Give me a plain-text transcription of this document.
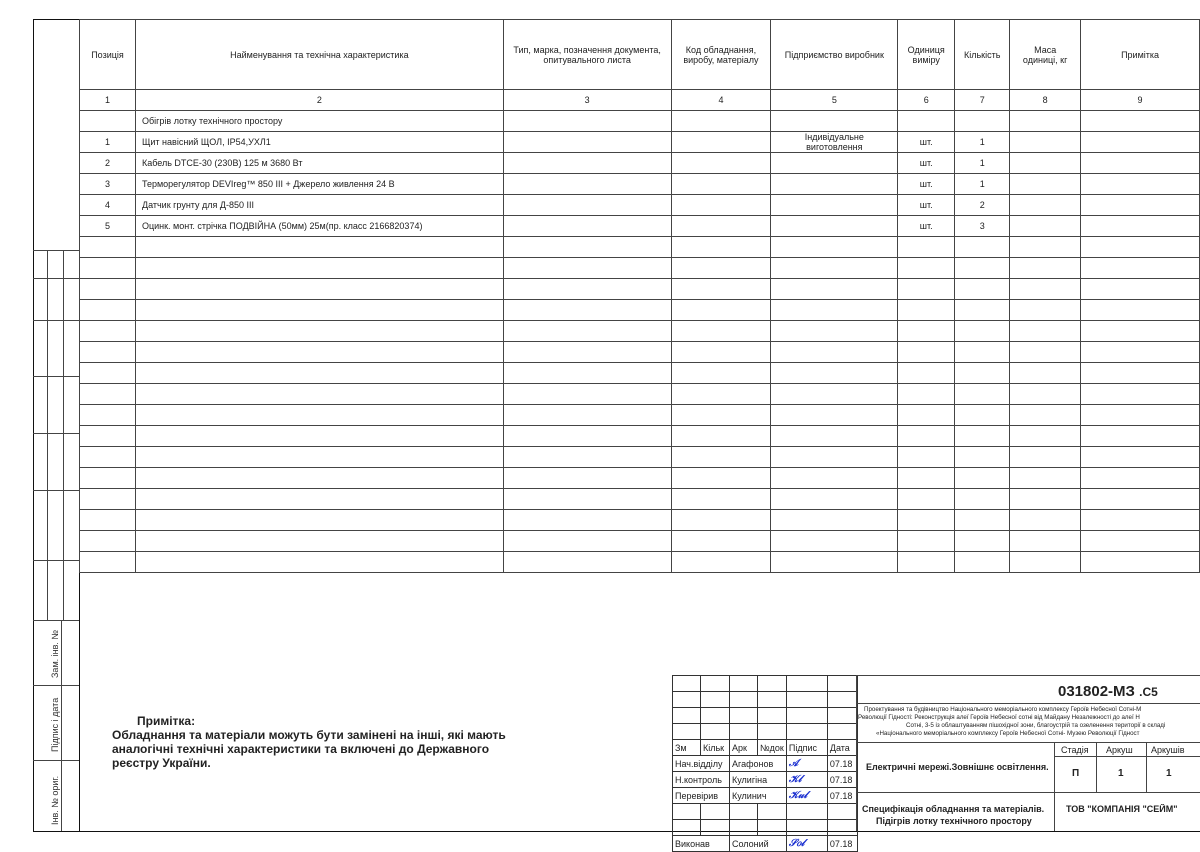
Зам. інв. №
Підпис і дата
Інв. № ориг.
Позиція	Найменування та технічна характеристика	Тип, марка, позначення документа, опитувального листа	Код обладнання, виробу, матеріалу	Підприємство виробник	Одиниця виміру	Кількість	Маса одиниці, кг	Примітка
1	2	3	4	5	6	7	8	9
	Обігрів лотку технічного простору							
1	Щит навісний ЩОЛ, ІР54,УХЛ1			Індивідуальне виготовлення	шт.	1		
2	Кабель DTCE-30 (230В) 125 м 3680 Вт				шт.	1		
3	Терморегулятор DEVIreg™ 850 III + Джерело живлення 24 В				шт.	1		
4	Датчик грунту для Д-850 III				шт.	2		
5	Оцинк. монт. стрічка ПОДВІЙНА (50мм) 25м(пр. класс 2166820374)				шт.	3		

Примітка:
Обладнання та матеріали можуть бути замінені на інші, які мають аналогічні технічні характеристики та включені до Державного реєстру України.

Зм	Кільк	Арк	№док	Підпис	Дата
Нач.відділу		Агафонов		𝒜	07.18
Н.контроль		Кулигіна		𝒦𝓁	07.18
Перевірив		Кулинич		𝒦𝓊𝓁	07.18

Виконав		Солоний		𝒮𝑜𝓁	07.18
031802-МЗ .С5
Проектування та будівництво Національного меморіального комплексу Героїв Небесної Сотні-М
Революції Гідності: Реконструкція алеї Героїв Небесної сотні від Майдану Незалежності до алеї Н
Сотні, 3-5 із облаштуванням пішохідної зони, благоустрій та озеленення території в складі
«Національного меморіального комплексу Героїв Небесної Сотні- Музею Революції Гідност
Електричні мережі.Зовнішнє освітлення.
Стадія Аркуш Аркушів
П	1	1
Специфікація обладнання та матеріалів.
Підігрів лотку технічного простору
ТОВ "КОМПАНІЯ "СЕЙМ"
